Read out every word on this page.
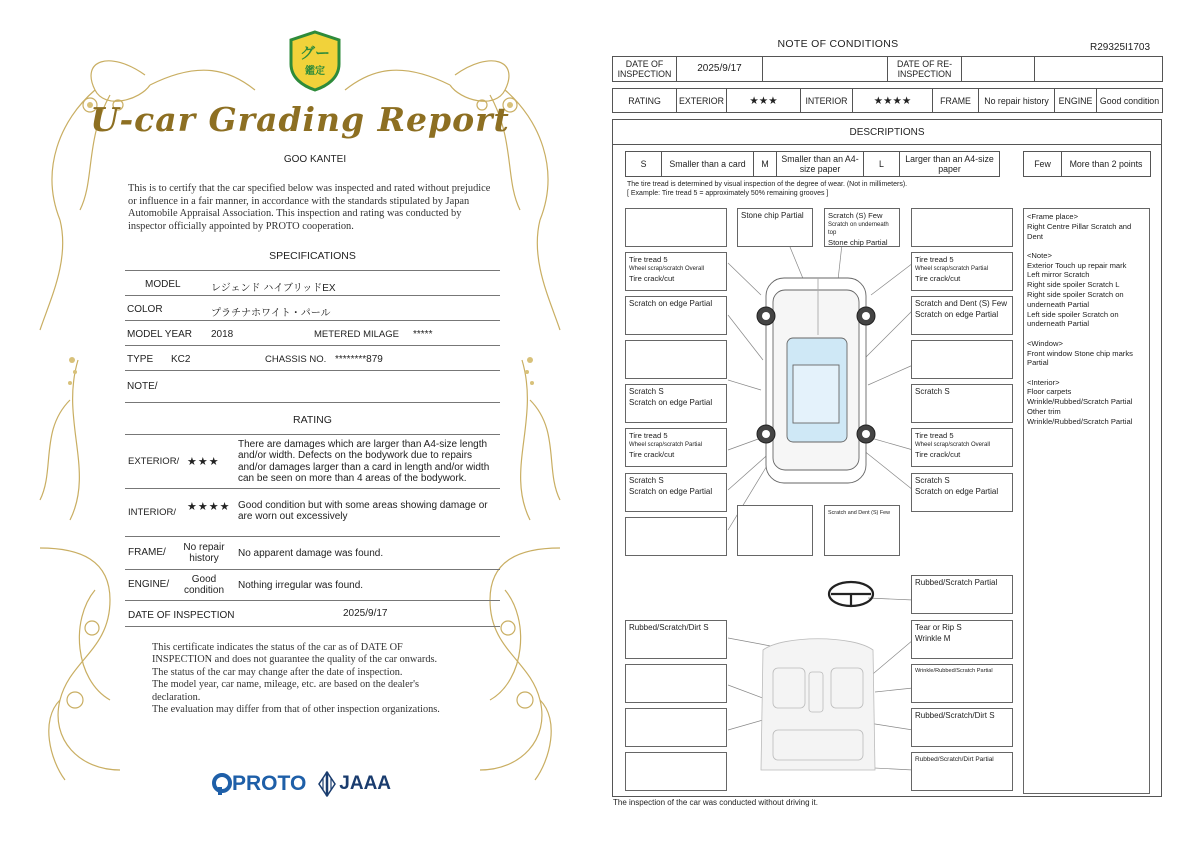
グー
鑑定
U-car Grading Report
GOO KANTEI
This is to certify that the car specified below was inspected and rated without prejudice or influence in a fair manner, in accordance with the standards stipulated by Japan Automobile Appraisal Association. This inspection and rating was conducted by inspector officially appointed by PROTO cooperation.
SPECIFICATIONS
MODEL	レジェンド ハイブリッドEX
COLOR	プラチナホワイト・パール
MODEL YEAR 2018	METERED MILAGE *****
TYPE KC2	CHASSIS NO. ********879
NOTE/
RATING
EXTERIOR/ ★★★
There are damages which are larger than A4-size length and/or width. Defects on the bodywork due to repairs and/or damages larger than a card in length and/or width can be seen on more than 4 areas of the bodywork.
INTERIOR/ ★★★★ Good condition but with some areas showing damage or are worn out excessively
FRAME/	No repair history	No apparent damage was found.
ENGINE/	Good condition	Nothing irregular was found.
DATE OF INSPECTION	2025/9/17
This certificate indicates the status of the car as of DATE OF
INSPECTION and does not guarantee the quality of the car onwards.
The status of the car may change after the date of inspection.
The model year, car name, mileage, etc. are based on the dealer's
declaration.
The evaluation may differ from that of other inspection organizations.
PROTO JAAA
NOTE OF CONDITIONS	R29325I1703
DATE OF INSPECTION	2025/9/17		DATE OF RE-INSPECTION		
RATING	EXTERIOR	★★★	INTERIOR	★★★★	FRAME	No repair history	ENGINE	Good condition
DESCRIPTIONS
S	Smaller than a card	M	Smaller than an A4-size paper	L	Larger than an A4-size paper	Few	More than 2 points
The tire tread is determined by visual inspection of the degree of wear. (Not in millimeters).
[ Example: Tire tread 5 = approximately 50% remaining grooves ]
Stone chip Partial	Scratch (S) Few
Scratch on underneath top
Stone chip Partial
Tire tread 5
Wheel scrap/scratch Overall
Tire crack/cut
Tire tread 5
Wheel scrap/scratch Partial
Tire crack/cut
Scratch on edge Partial	Scratch and Dent (S) Few
Scratch on edge Partial
Scratch S
Scratch on edge Partial
Scratch S
Tire tread 5
Wheel scrap/scratch Partial
Tire crack/cut
Tire tread 5
Wheel scrap/scratch Overall
Tire crack/cut
Scratch S
Scratch on edge Partial
Scratch S
Scratch on edge Partial
Scratch and Dent (S) Few
Rubbed/Scratch Partial
Rubbed/Scratch/Dirt S	Tear or Rip S
Wrinkle M
Wrinkle/Rubbed/Scratch Partial
Rubbed/Scratch/Dirt S
Rubbed/Scratch/Dirt Partial

<Frame place>
Right Centre Pillar Scratch and Dent

<Note>
Exterior Touch up repair mark
Left mirror Scratch
Right side spoiler Scratch L
Right side spoiler Scratch on underneath Partial
Left side spoiler Scratch on underneath Partial

<Window>
Front window Stone chip marks Partial

<Interior>
Floor carpets
Wrinkle/Rubbed/Scratch Partial
Other trim
Wrinkle/Rubbed/Scratch Partial

The inspection of the car was conducted without driving it.
